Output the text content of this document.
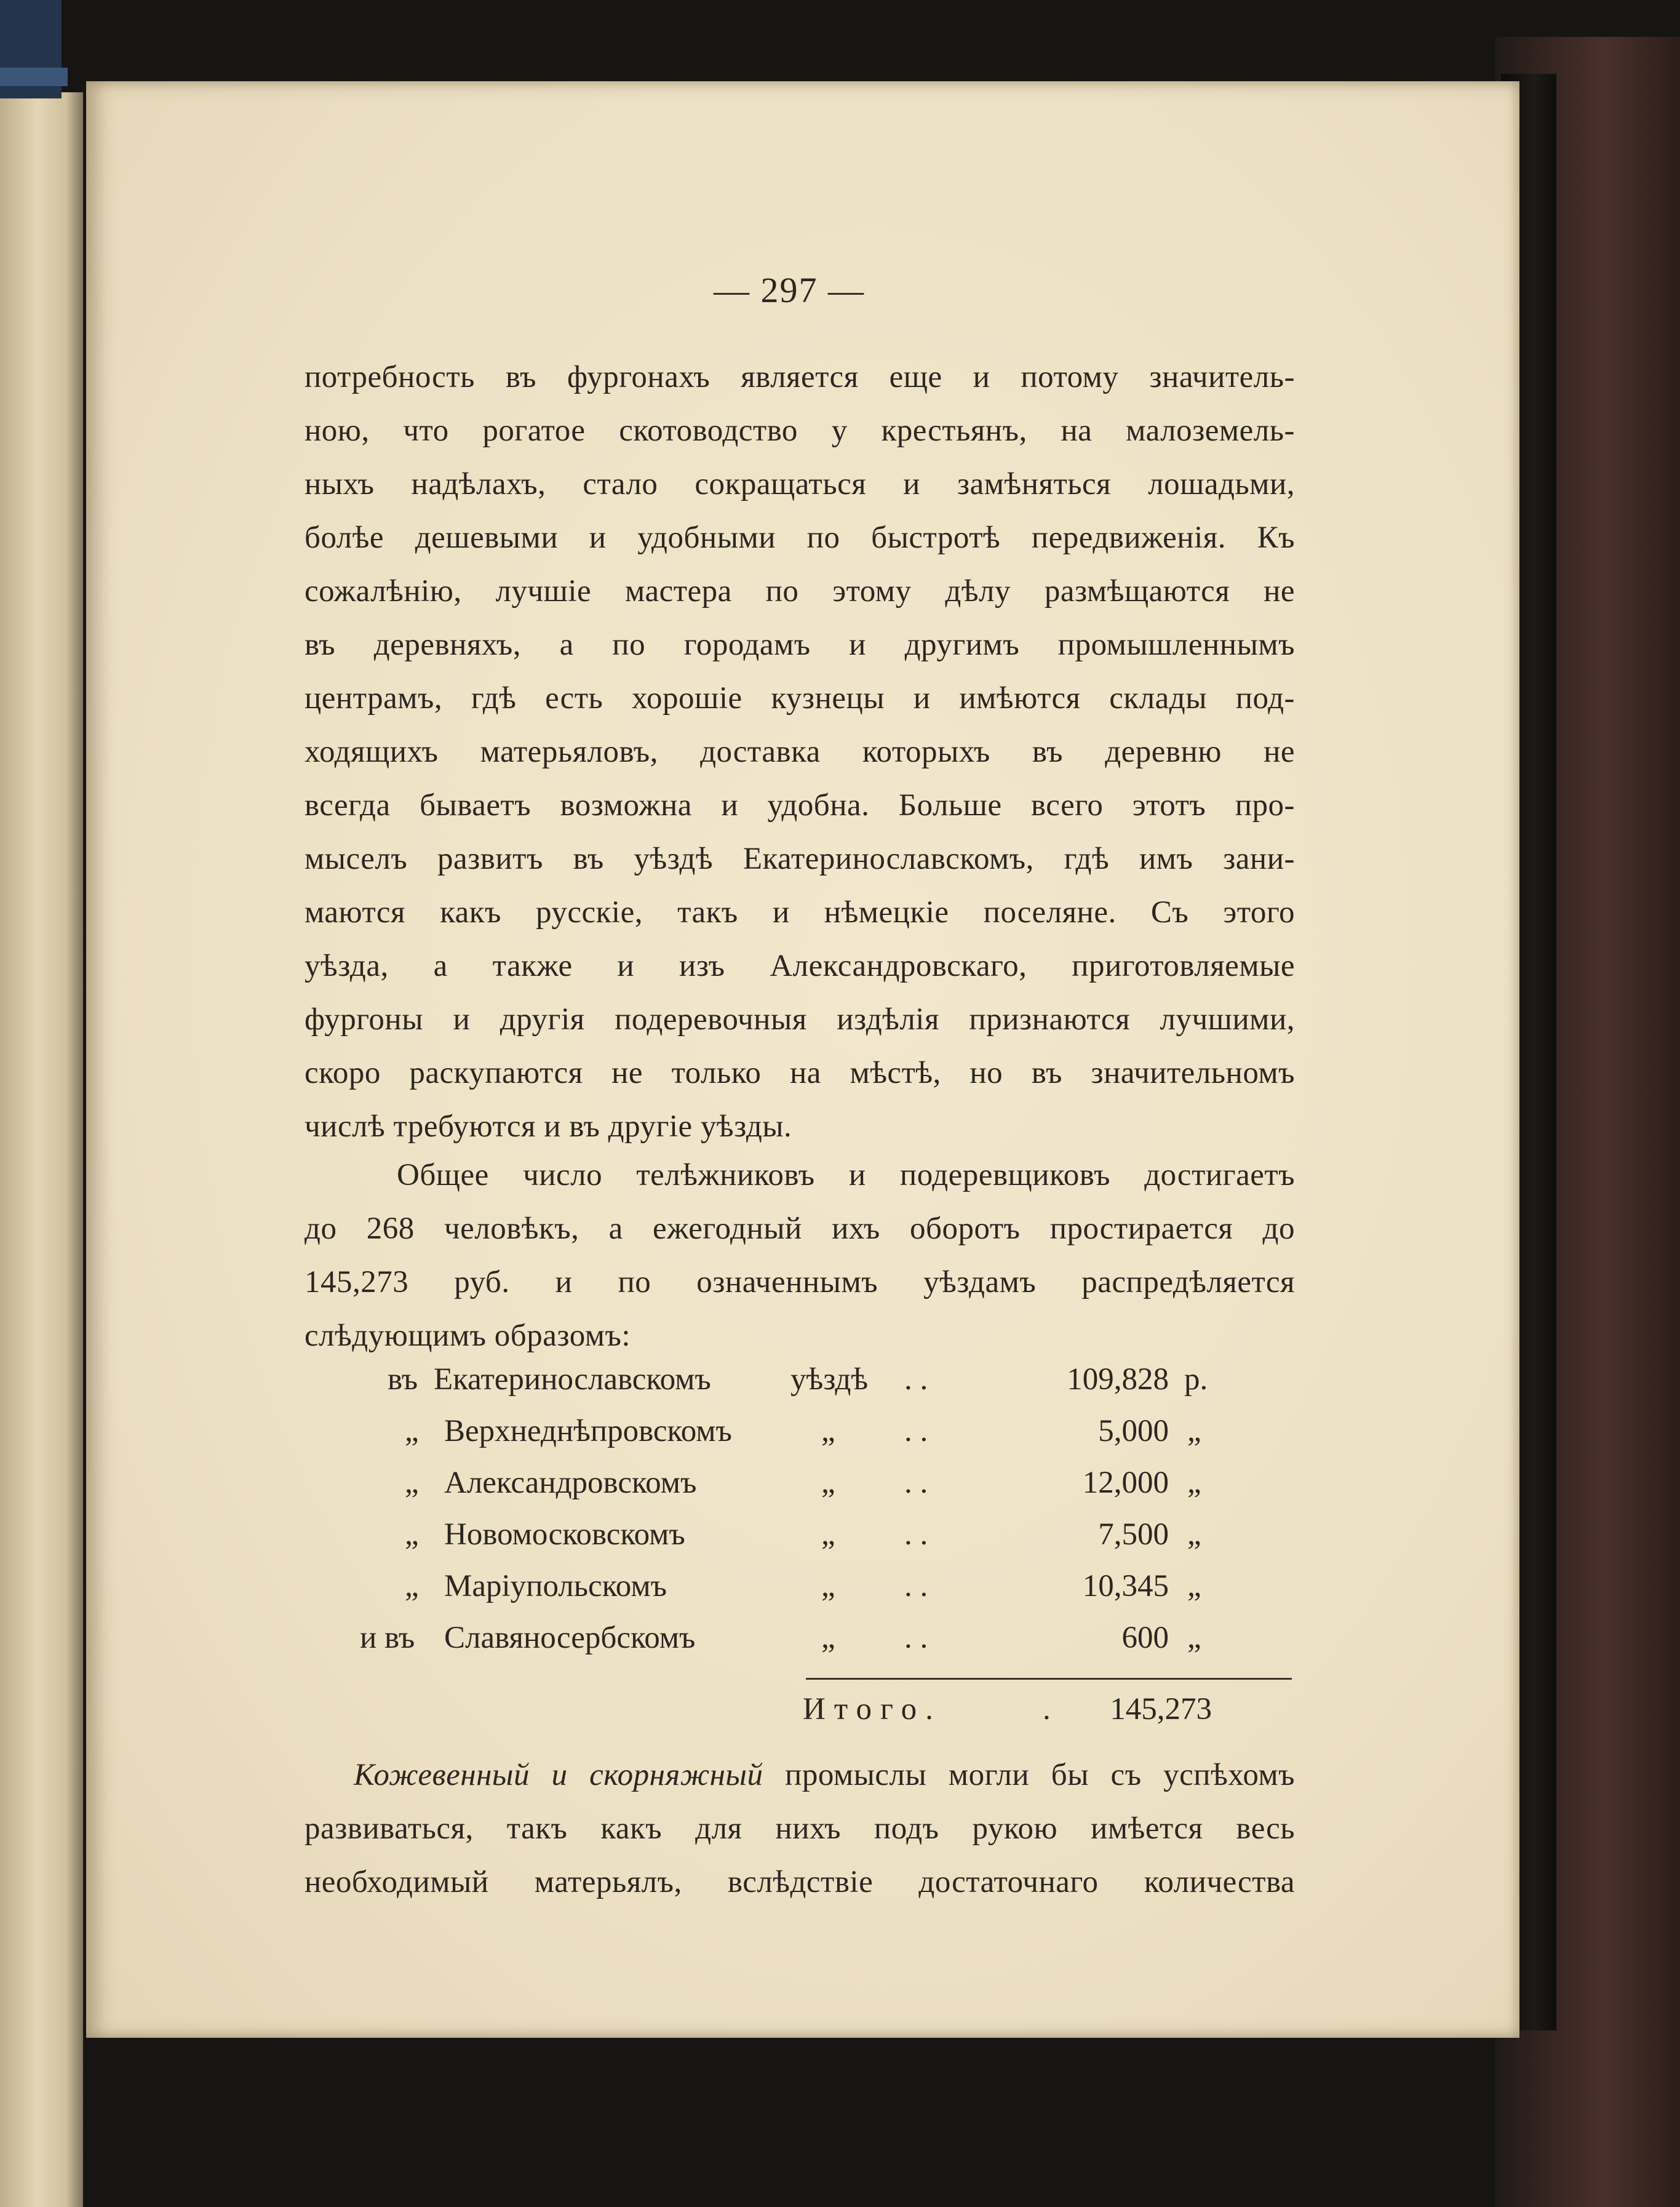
— 297 —

потребность въ фургонахъ является еще и потому значитель-

ною, что рогатое скотоводство у крестьянъ, на малоземель-

ныхъ надѣлахъ, стало сокращаться и замѣняться лошадьми,

болѣе дешевыми и удобными по быстротѣ передвиженія. Къ

сожалѣнію, лучшіе мастера по этому дѣлу размѣщаются не

въ деревняхъ, а по городамъ и другимъ промышленнымъ

центрамъ, гдѣ есть хорошіе кузнецы и имѣются склады под-

ходящихъ матерьяловъ, доставка которыхъ въ деревню не

всегда бываетъ возможна и удобна. Больше всего этотъ про-

мыселъ развитъ въ уѣздѣ Екатеринославскомъ, гдѣ имъ зани-

маются какъ русскіе, такъ и нѣмецкіе поселяне. Съ этого

уѣзда, а также и изъ Александровскаго, приготовляемые

фургоны и другія подеревочныя издѣлія признаются лучшими,

скоро раскупаются не только на мѣстѣ, но въ значительномъ

числѣ требуются и въ другіе уѣзды.

Общее число телѣжниковъ и подеревщиковъ достигаетъ

до 268 человѣкъ, а ежегодный ихъ оборотъ простирается до

145,273 руб. и по означеннымъ уѣздамъ распредѣляется

слѣдующимъ образомъ:

въ Екатеринославскомъ	уѣздѣ . .	109,828 р.
„ Верхнеднѣпровскомъ	„ . .	5,000 „
„ Александровскомъ	„ . .	12,000 „
„ Новомосковскомъ	„ . .	7,500 „
„ Маріупольскомъ	„ . .	10,345 „
и въ Славяносербскомъ	„ . .	600 „
Итого.	.	145,273

Кожевенный и скорняжный промыслы могли бы съ успѣхомъ

развиваться, такъ какъ для нихъ подъ рукою имѣется весь

необходимый матерьялъ, вслѣдствіе достаточнаго количества
